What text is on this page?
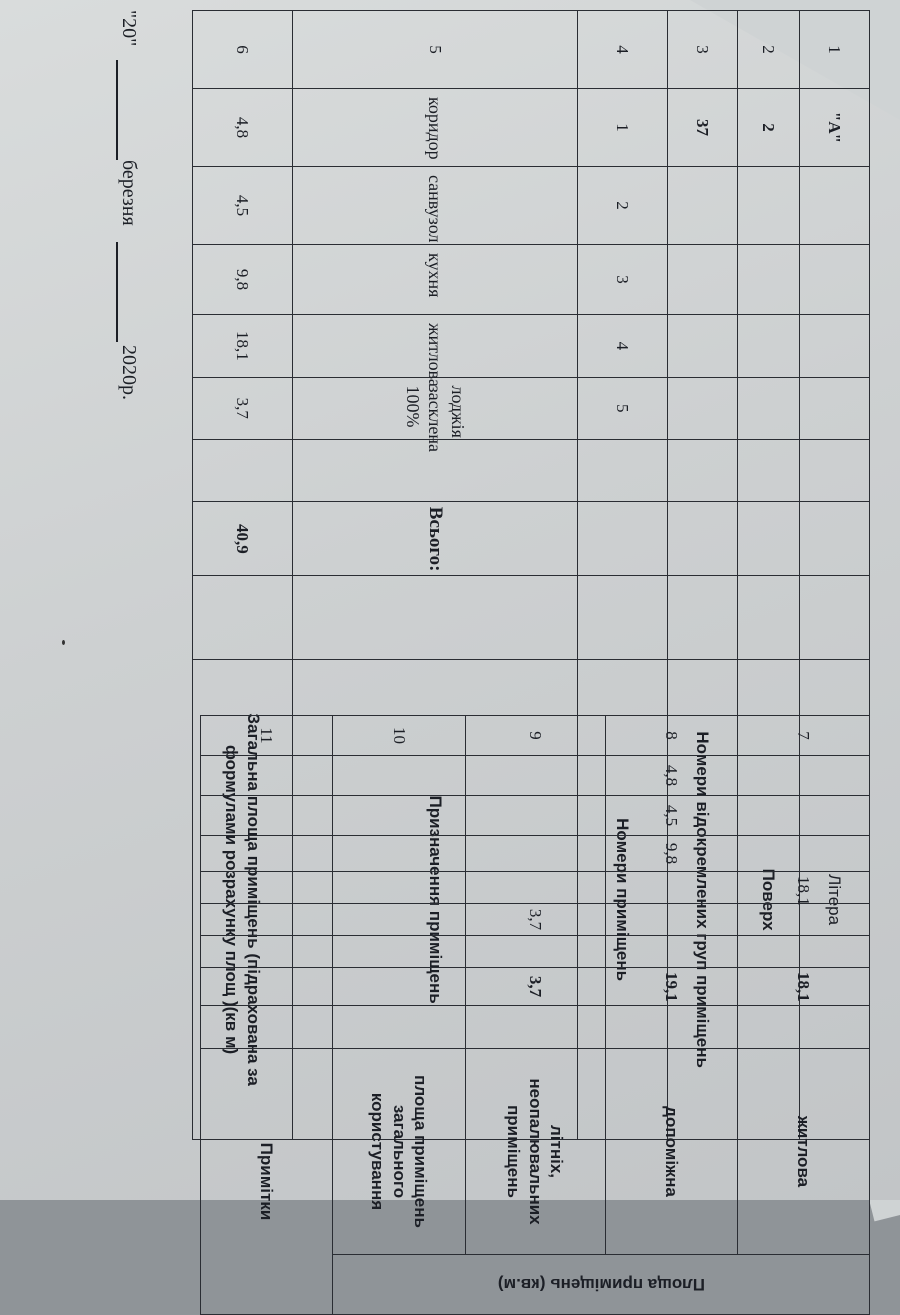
1	"А"								Літера
2	2								Поверх
3	37								Номери відокремлених груп приміщень
4	1	2	3	4	5				Номери приміщень
5	коридор	санвузол	кухня	житлова	лоджія засклена 100%		Всього:		Призначення приміщень
6	4,8	4,5	9,8	18,1	3,7		40,9		Загальна площа приміщень (підрахована за формулами розрахунку площ )(кв м)
7				18,1			18,1		житлова	Площа приміщень (кв.м)

8	4,8	4,5	9,8				19,1		допоміжна	
9					3,7		3,7		літніх, неопалювальних приміщень	
10									площа приміщень загального користування	
11									Примітки	
"20"
березня
2020р.
